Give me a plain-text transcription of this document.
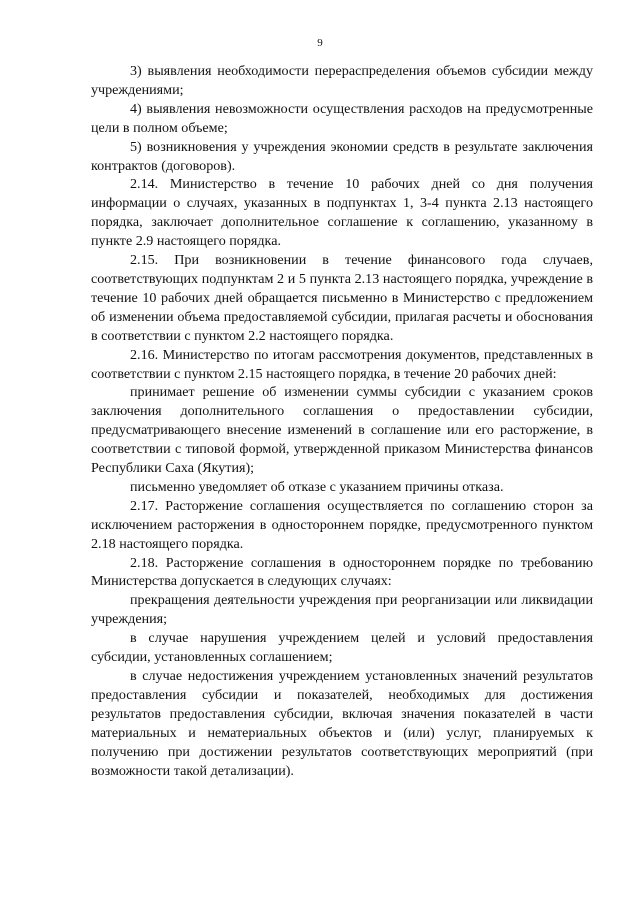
9

3) выявления необходимости перераспределения объемов субсидии между учреждениями;

4) выявления невозможности осуществления расходов на предусмотренные цели в полном объеме;

5) возникновения у учреждения экономии средств в результате заключения контрактов (договоров).

2.14. Министерство в течение 10 рабочих дней со дня получения информации о случаях, указанных в подпунктах 1, 3-4 пункта 2.13 настоящего порядка, заключает дополнительное соглашение к соглашению, указанному в пункте 2.9 настоящего порядка.

2.15. При возникновении в течение финансового года случаев, соответствующих подпунктам 2 и 5 пункта 2.13 настоящего порядка, учреждение в течение 10 рабочих дней обращается письменно в Министерство с предложением об изменении объема предоставляемой субсидии, прилагая расчеты и обоснования в соответствии с пунктом 2.2 настоящего порядка.

2.16. Министерство по итогам рассмотрения документов, представленных в соответствии с пунктом 2.15 настоящего порядка, в течение 20 рабочих дней:

принимает решение об изменении суммы субсидии с указанием сроков заключения дополнительного соглашения о предоставлении субсидии, предусматривающего внесение изменений в соглашение или его расторжение, в соответствии с типовой формой, утвержденной приказом Министерства финансов Республики Саха (Якутия);

письменно уведомляет об отказе с указанием причины отказа.

2.17. Расторжение соглашения осуществляется по соглашению сторон за исключением расторжения в одностороннем порядке, предусмотренного пунктом 2.18 настоящего порядка.

2.18. Расторжение соглашения в одностороннем порядке по требованию Министерства допускается в следующих случаях:

прекращения деятельности учреждения при реорганизации или ликвидации учреждения;

в случае нарушения учреждением целей и условий предоставления субсидии, установленных соглашением;

в случае недостижения учреждением установленных значений результатов предоставления субсидии и показателей, необходимых для достижения результатов предоставления субсидии, включая значения показателей в части материальных и нематериальных объектов и (или) услуг, планируемых к получению при достижении результатов соответствующих мероприятий (при возможности такой детализации).
